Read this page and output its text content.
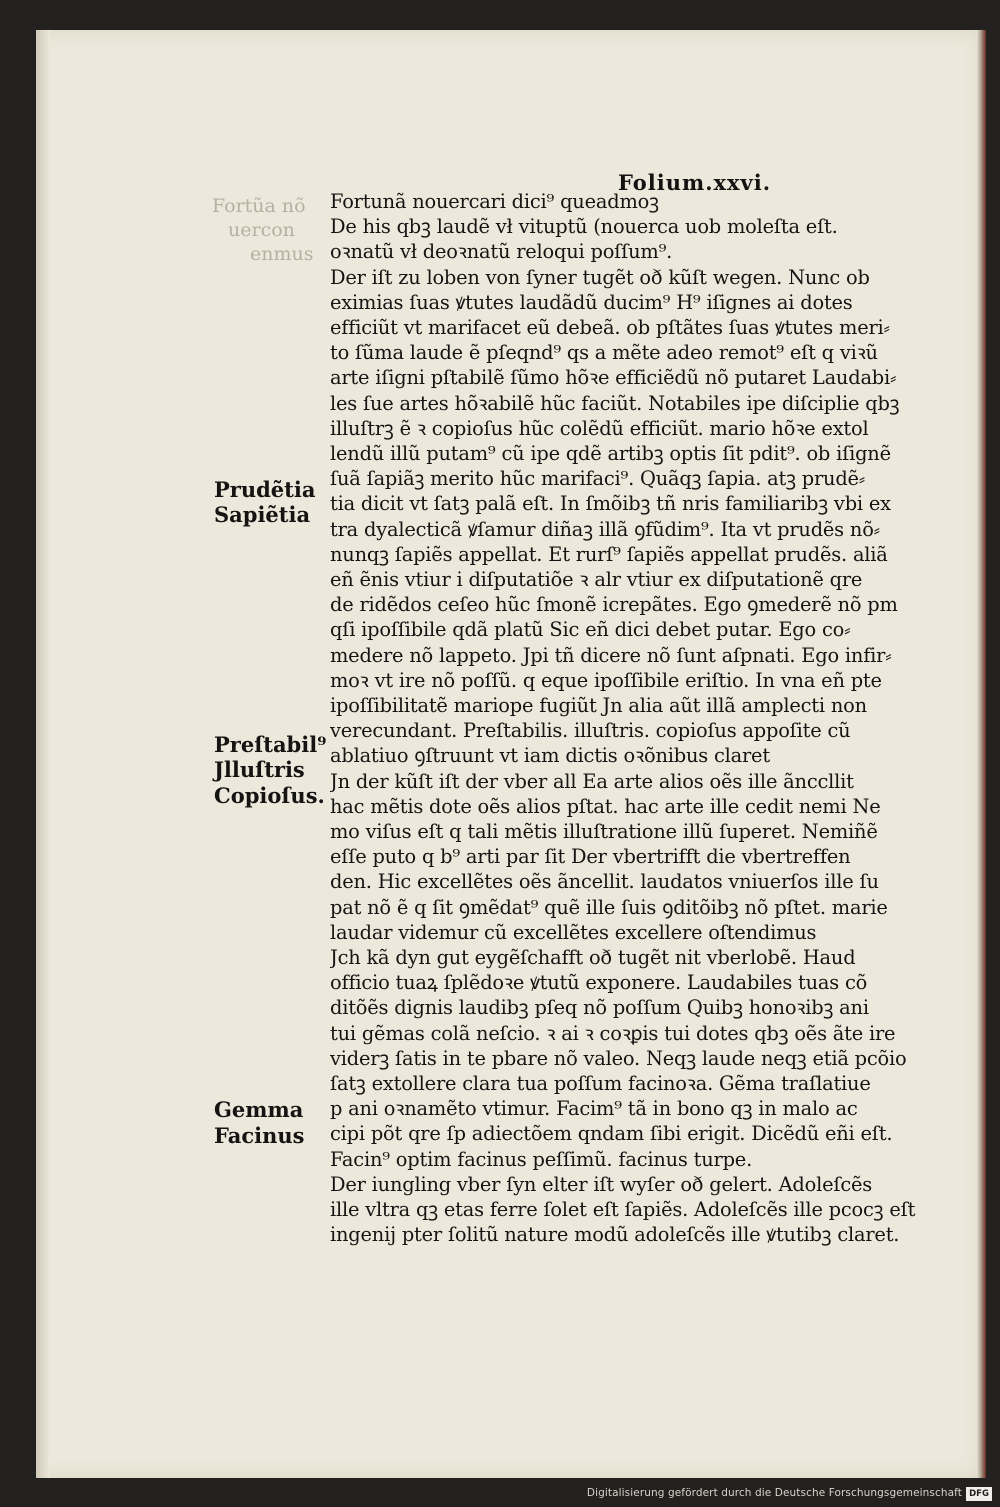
Folium.xxvi.
Fortũa nõ
uercon
enmus
Fortunã nouercari dici⁹ queadmoꝫ
De his qbꝫ laudẽ vł vituptũ (nouerca uob moleſta eſt.
oꝛnatũ vł deoꝛnatũ reloqui poſſum⁹.
Der iſt zu loben von ſyner tugẽt oð kũſt wegen. Nunc ob
eximias ſuas ꝟtutes laudãdũ ducim⁹ H⁹ iſignes ai dotes
efficiũt vt marifacet eũ debeã. ob pſtãtes ſuas ꝟtutes meri⸗
to ſũma laude ẽ pſeqnd⁹ qs a mẽte adeo remot⁹ eſt q viꝛũ
arte iſigni pſtabilẽ ſũmo hõꝛe efficiẽdũ nõ putaret Laudabi⸗
les ſue artes hõꝛabilẽ hũc faciũt. Notabiles ipe diſciplie qbꝫ
illuſtrꝫ ẽ ꝛ copioſus hũc colẽdũ efficiũt. mario hõꝛe extol
lendũ illũ putam⁹ cũ ipe qdẽ artibꝫ optis ſit pdit⁹. ob iſignẽ
ſuã ſapiãꝫ merito hũc marifaci⁹. Quãqꝫ ſapia. atꝫ prudẽ⸗
tia dicit vt ſatꝫ palã eſt. In ſmõibꝫ tñ nris familiaribꝫ vbi ex
tra dyalecticã ꝟſamur diñaꝫ illã ꝯfũdim⁹. Ita vt prudẽs nõ⸗
nunqꝫ ſapiẽs appellat. Et rurſ⁹ ſapiẽs appellat prudẽs. aliã
eñ ẽnis vtiur i diſputatiõe ꝛ alr vtiur ex diſputationẽ qre
de ridẽdos ceſeo hũc ſmonẽ icrepãtes. Ego ꝯmederẽ nõ pm
qſi ipoſſibile qdã platũ Sic eñ dici debet putar. Ego co⸗
medere nõ lappeto. Jpi tñ dicere nõ ſunt aſpnati. Ego infir⸗
moꝛ vt ire nõ poſſũ. q eque ipoſſibile eriſtio. In vna eñ pte
ipoſſibilitatẽ mariope fugiũt Jn alia aũt illã amplecti non
verecundant. Preſtabilis. illuſtris. copioſus appoſite cũ
ablatiuo ꝯſtruunt vt iam dictis oꝛõnibus claret
Jn der kũſt iſt der vber all Ea arte alios oẽs ille ãnccllit
hac mẽtis dote oẽs alios pſtat. hac arte ille cedit nemi Ne
mo viſus eſt q tali mẽtis illuſtratione illũ ſuperet. Nemiñẽ
eſſe puto q b⁹ arti par ſit Der vbertrifft die vbertreffen
den. Hic excellẽtes oẽs ãncellit. laudatos vniuerſos ille ſu
pat nõ ẽ q ſit ꝯmẽdat⁹ quẽ ille ſuis ꝯditõibꝫ nõ pſtet. marie
laudar videmur cũ excellẽtes excellere oſtendimus
Jch kã dyn gut eygẽſchafft oð tugẽt nit vberlobẽ. Haud
officio tuaꝝ ſplẽdoꝛe ꝟtutũ exponere. Laudabiles tuas cõ
ditõẽs dignis laudibꝫ pſeq nõ poſſum Quibꝫ honoꝛibꝫ ani
tui gẽmas colã neſcio. ꝛ ai ꝛ coꝛꝑis tui dotes qbꝫ oẽs ãte ire
viderꝫ ſatis in te pbare nõ valeo. Neqꝫ laude neqꝫ etiã pcõio
ſatꝫ extollere clara tua poſſum facinoꝛa. Gẽma traſlatiue
p ani oꝛnamẽto vtimur. Facim⁹ tã in bono qꝫ in malo ac
cipi põt qre ſp adiectõem qndam ſibi erigit. Dicẽdũ eñi eſt.
Facin⁹ optim facinus peſſimũ. facinus turpe.
Der iungling vber ſyn elter iſt wyſer oð gelert. Adoleſcẽs
ille vltra qꝫ etas ferre ſolet eſt ſapiẽs. Adoleſcẽs ille pcocꝫ eſt
ingenij pter ſolitũ nature modũ adoleſcẽs ille ꝟtutibꝫ claret.
Prudẽtia
Sapiẽtia
Preſtabil⁹
Jlluſtris
Copioſus.
Gemma
Facinus
Digitalisierung gefördert durch die Deutsche Forschungsgemeinschaft DFG
